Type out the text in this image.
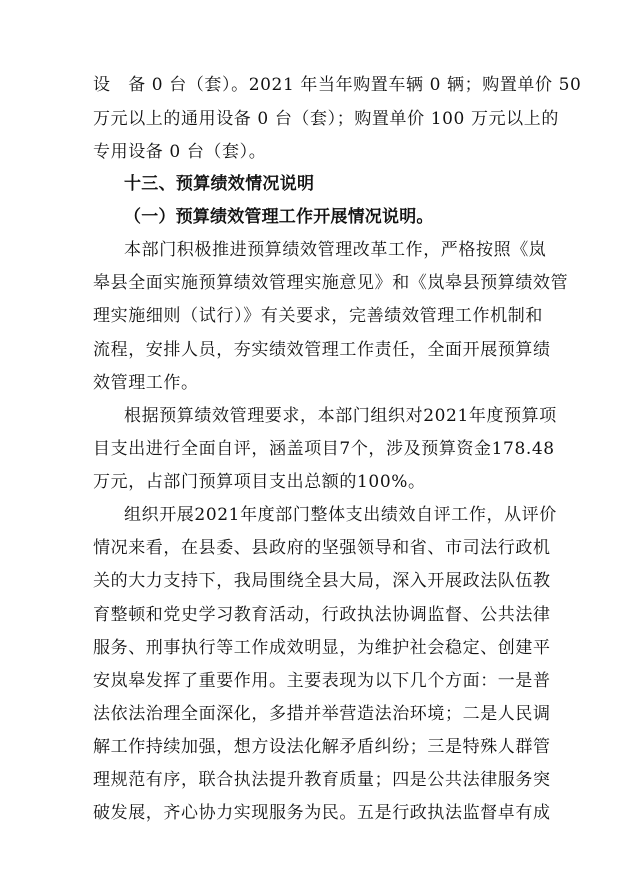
设　备 0 台（套）。2021 年当年购置车辆 0 辆；购置单价 50
万元以上的通用设备 0 台（套）；购置单价 100 万元以上的
专用设备 0 台（套）。
十三、预算绩效情况说明
（一）预算绩效管理工作开展情况说明。
本部门积极推进预算绩效管理改革工作，严格按照《岚
皋县全面实施预算绩效管理实施意见》和《岚皋县预算绩效管
理实施细则（试行）》有关要求，完善绩效管理工作机制和
流程，安排人员，夯实绩效管理工作责任，全面开展预算绩
效管理工作。
根据预算绩效管理要求，本部门组织对2021年度预算项
目支出进行全面自评，涵盖项目7个，涉及预算资金178.48
万元，占部门预算项目支出总额的100%。
组织开展2021年度部门整体支出绩效自评工作，从评价
情况来看，在县委、县政府的坚强领导和省、市司法行政机
关的大力支持下，我局围绕全县大局，深入开展政法队伍教
育整顿和党史学习教育活动，行政执法协调监督、公共法律
服务、刑事执行等工作成效明显，为维护社会稳定、创建平
安岚皋发挥了重要作用。主要表现为以下几个方面：一是普
法依法治理全面深化，多措并举营造法治环境；二是人民调
解工作持续加强，想方设法化解矛盾纠纷；三是特殊人群管
理规范有序，联合执法提升教育质量；四是公共法律服务突
破发展，齐心协力实现服务为民。五是行政执法监督卓有成
